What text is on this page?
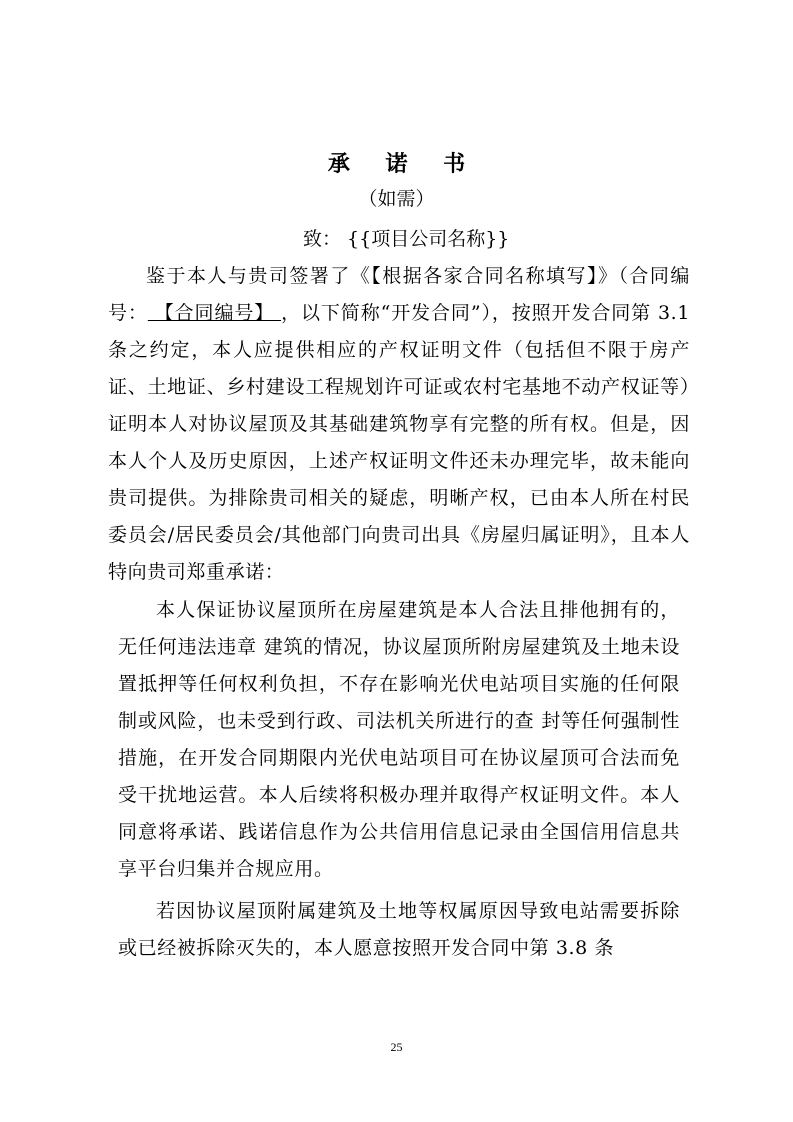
承 诺 书
（如需）
致： {{项目公司名称}}
鉴于本人与贵司签署了《【根据各家合同名称填写】》（合同编号： 【合同编号】 ，以下简称“开发合同”），按照开发合同第 3.1 条之约定，本人应提供相应的产权证明文件（包括但不限于房产证、土地证、乡村建设工程规划许可证或农村宅基地不动产权证等）证明本人对协议屋顶及其基础建筑物享有完整的所有权。但是，因本人个人及历史原因，上述产权证明文件还未办理完毕，故未能向贵司提供。为排除贵司相关的疑虑，明晰产权，已由本人所在村民委员会/居民委员会/其他部门向贵司出具《房屋归属证明》，且本人特向贵司郑重承诺：
本人保证协议屋顶所在房屋建筑是本人合法且排他拥有的，无任何违法违章 建筑的情况，协议屋顶所附房屋建筑及土地未设置抵押等任何权利负担，不存在影响光伏电站项目实施的任何限制或风险，也未受到行政、司法机关所进行的查 封等任何强制性措施，在开发合同期限内光伏电站项目可在协议屋顶可合法而免受干扰地运营。本人后续将积极办理并取得产权证明文件。本人同意将承诺、践诺信息作为公共信用信息记录由全国信用信息共享平台归集并合规应用。
若因协议屋顶附属建筑及土地等权属原因导致电站需要拆除或已经被拆除灭失的，本人愿意按照开发合同中第 3.8 条
25
